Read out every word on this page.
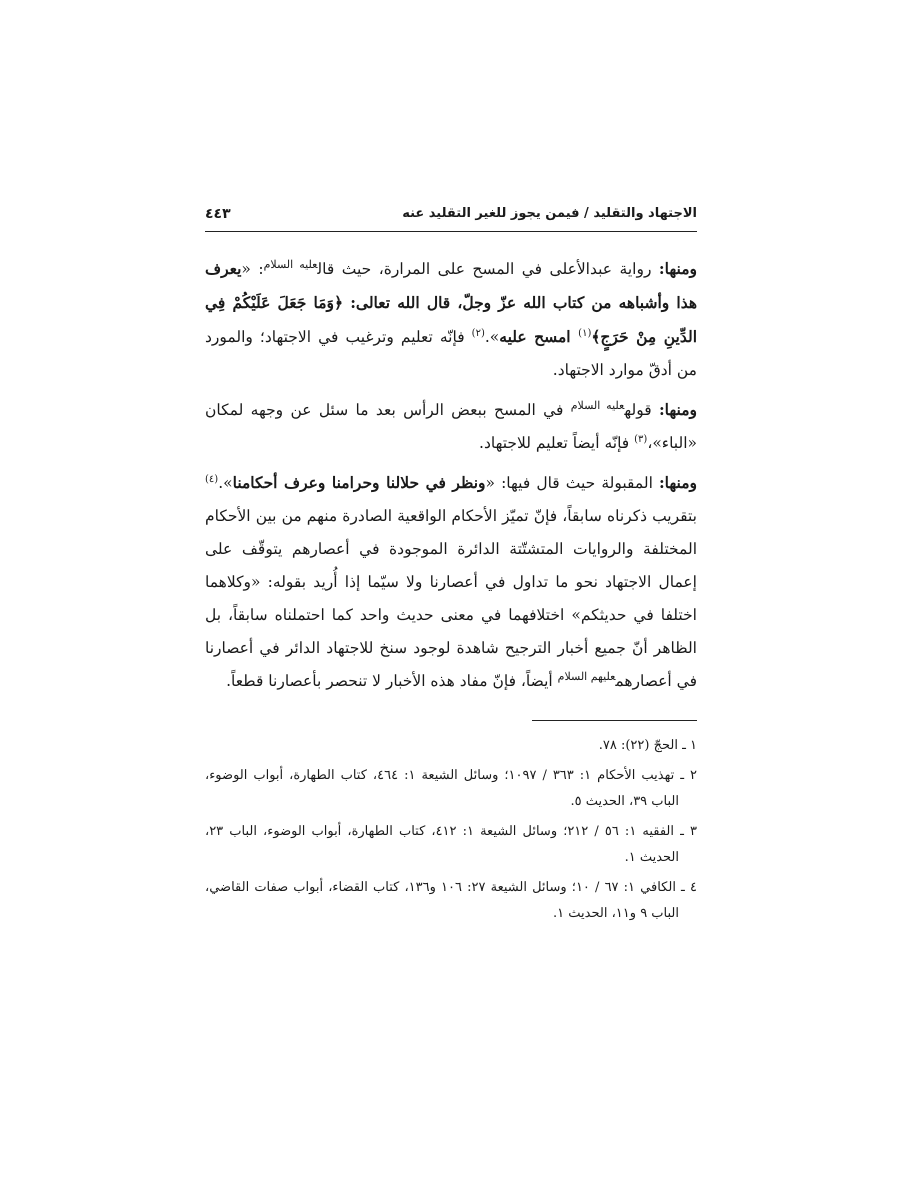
الاجتهاد والتقليد / فيمن يجوز للغير التقليد عنه
٤٤٣

ومنها: رواية عبدالأعلى في المسح على المرارة، حيث قال$^{عليه السلام}$: «يعرف هذا وأشباهه من كتاب الله عزّ وجلّ، قال الله تعالى: ﴿وَمَا جَعَلَ عَلَيْكُمْ فِي الدِّينِ مِنْ حَرَجٍ﴾$^{(١)}$ امسح عليه».$^{(٢)}$ فإنّه تعليم وترغيب في الاجتهاد؛ والمورد من أدقّ موارد الاجتهاد.

ومنها: قوله$^{عليه السلام}$ في المسح ببعض الرأس بعد ما سئل عن وجهه لمكان «الباء»،$^{(٣)}$ فإنّه أيضاً تعليم للاجتهاد.

ومنها: المقبولة حيث قال فيها: «ونظر في حلالنا وحرامنا وعرف أحكامنا».$^{(٤)}$ بتقريب ذكرناه سابقاً، فإنّ تميّز الأحكام الواقعية الصادرة منهم من بين الأحكام المختلفة والروايات المتشتّتة الدائرة الموجودة في أعصارهم يتوقّف على إعمال الاجتهاد نحو ما تداول في أعصارنا ولا سيّما إذا أُريد بقوله: «وكلاهما اختلفا في حديثكم» اختلافهما في معنى حديث واحد كما احتملناه سابقاً، بل الظاهر أنّ جميع أخبار الترجيح شاهدة لوجود سنخ للاجتهاد الدائر في أعصارنا في أعصارهم$^{عليهم السلام}$ أيضاً، فإنّ مفاد هذه الأخبار لا تنحصر بأعصارنا قطعاً.

١ ـ الحجّ (٢٢): ٧٨.

٢ ـ تهذيب الأحكام ١: ٣٦٣ / ١٠٩٧؛ وسائل الشيعة ١: ٤٦٤، كتاب الطهارة، أبواب الوضوء، الباب ٣٩، الحديث ٥.

٣ ـ الفقيه ١: ٥٦ / ٢١٢؛ وسائل الشيعة ١: ٤١٢، كتاب الطهارة، أبواب الوضوء، الباب ٢٣، الحديث ١.

٤ ـ الكافي ١: ٦٧ / ١٠؛ وسائل الشيعة ٢٧: ١٠٦ و١٣٦، كتاب القضاء، أبواب صفات القاضي، الباب ٩ و١١، الحديث ١.
